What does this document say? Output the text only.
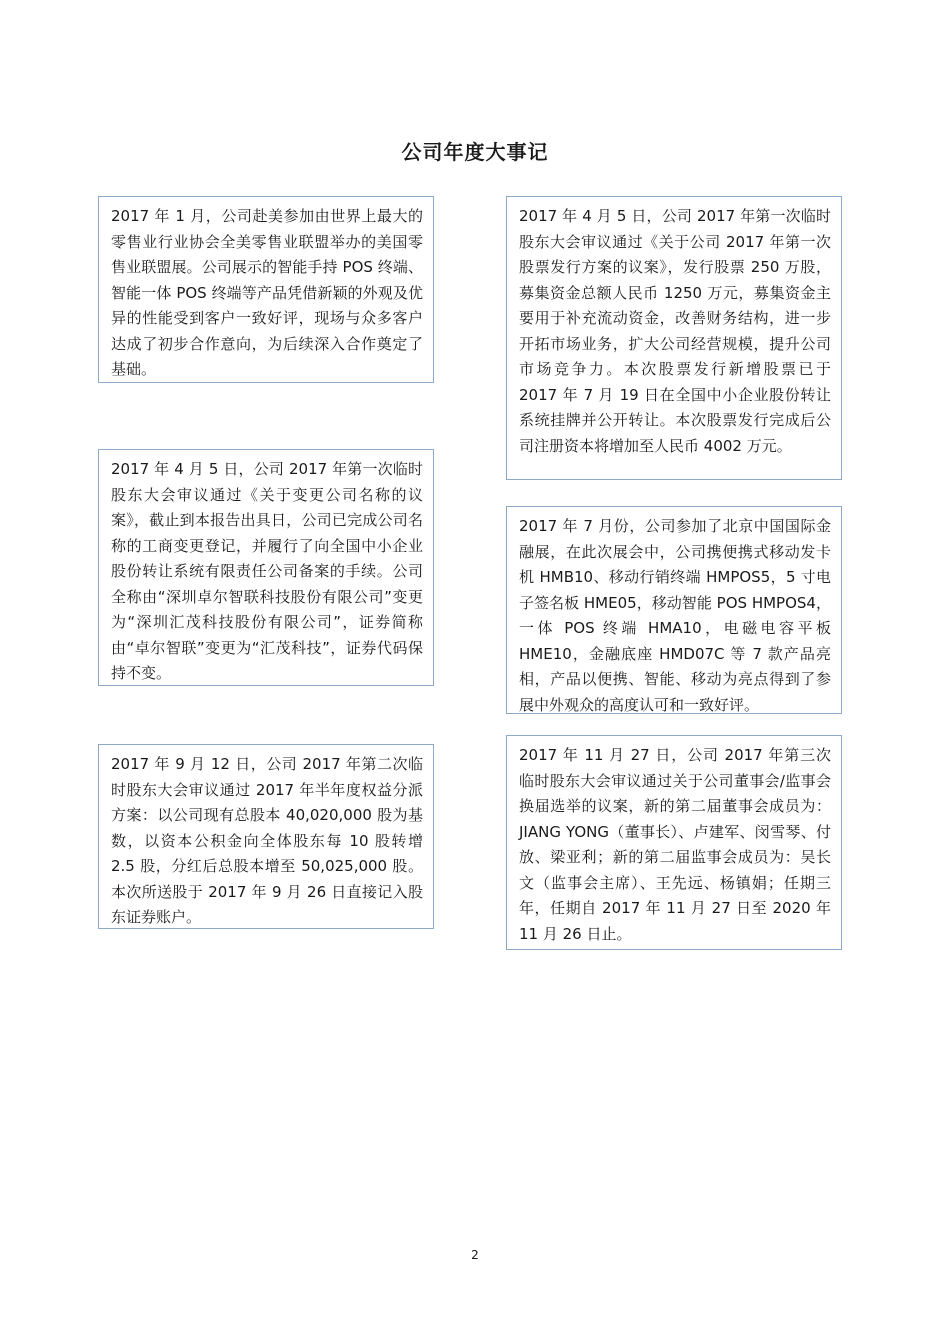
公司年度大事记
2017 年 1 月，公司赴美参加由世界上最大的零售业行业协会全美零售业联盟举办的美国零售业联盟展。公司展示的智能手持 POS 终端、智能一体 POS 终端等产品凭借新颖的外观及优异的性能受到客户一致好评，现场与众多客户达成了初步合作意向，为后续深入合作奠定了基础。
2017 年 4 月 5 日，公司 2017 年第一次临时股东大会审议通过《关于变更公司名称的议案》，截止到本报告出具日，公司已完成公司名称的工商变更登记，并履行了向全国中小企业股份转让系统有限责任公司备案的手续。公司全称由“深圳卓尔智联科技股份有限公司”变更为“深圳汇茂科技股份有限公司”，证券简称由“卓尔智联”变更为“汇茂科技”，证券代码保持不变。
2017 年 9 月 12 日，公司 2017 年第二次临时股东大会审议通过 2017 年半年度权益分派方案：以公司现有总股本 40,020,000 股为基数，以资本公积金向全体股东每 10 股转增 2.5 股，分红后总股本增至 50,025,000 股。本次所送股于 2017 年 9 月 26 日直接记入股东证券账户。
2017 年 4 月 5 日，公司 2017 年第一次临时股东大会审议通过《关于公司 2017 年第一次股票发行方案的议案》，发行股票 250 万股，募集资金总额人民币 1250 万元，募集资金主要用于补充流动资金，改善财务结构，进一步开拓市场业务，扩大公司经营规模，提升公司市场竞争力。本次股票发行新增股票已于 2017 年 7 月 19 日在全国中小企业股份转让系统挂牌并公开转让。本次股票发行完成后公司注册资本将增加至人民币 4002 万元。
2017 年 7 月份，公司参加了北京中国国际金融展，在此次展会中，公司携便携式移动发卡机 HMB10、移动行销终端 HMPOS5，5 寸电子签名板 HME05，移动智能 POS HMPOS4，一体 POS 终端 HMA10，电磁电容平板 HME10，金融底座 HMD07C 等 7 款产品亮相，产品以便携、智能、移动为亮点得到了参展中外观众的高度认可和一致好评。
2017 年 11 月 27 日，公司 2017 年第三次临时股东大会审议通过关于公司董事会/监事会换届选举的议案，新的第二届董事会成员为：JIANG YONG（董事长）、卢建军、闵雪琴、付放、梁亚利；新的第二届监事会成员为：吴长文（监事会主席）、王先远、杨镇娟；任期三年，任期自 2017 年 11 月 27 日至 2020 年 11 月 26 日止。
2
